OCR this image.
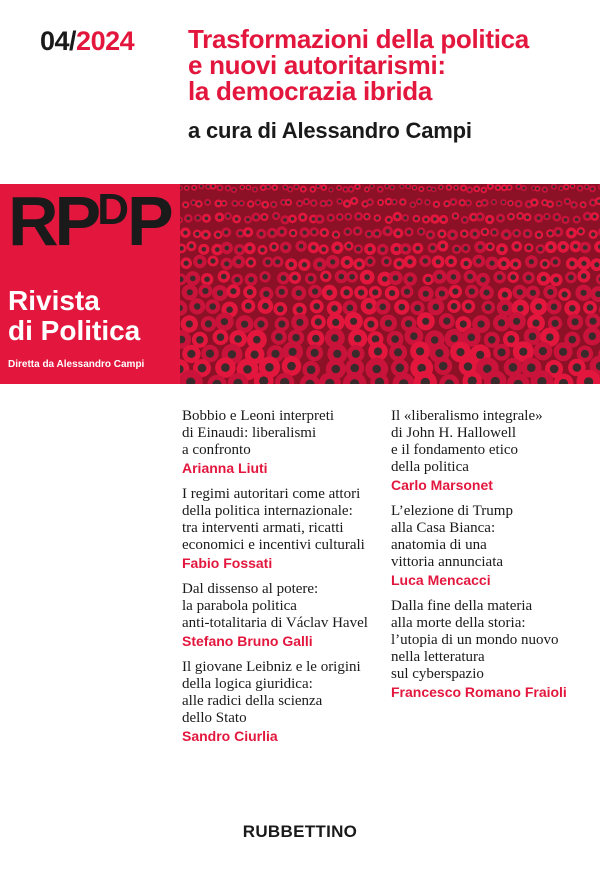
04/2024 Trasformazioni della politica
e nuovi autoritarismi:
la democrazia ibrida
a cura di Alessandro Campi
RPDP
Rivista
di Politica
Diretta da Alessandro Campi
Bobbio e Leoni interpreti
di Einaudi: liberalismi
a confronto
Arianna Liuti
I regimi autoritari come attori
della politica internazionale:
tra interventi armati, ricatti
economici e incentivi culturali
Fabio Fossati
Dal dissenso al potere:
la parabola politica
anti-totalitaria di Václav Havel
Stefano Bruno Galli
Il giovane Leibniz e le origini
della logica giuridica:
alle radici della scienza
dello Stato
Sandro Ciurlia
Il «liberalismo integrale»
di John H. Hallowell
e il fondamento etico
della politica
Carlo Marsonet
L’elezione di Trump
alla Casa Bianca:
anatomia di una
vittoria annunciata
Luca Mencacci
Dalla fine della materia
alla morte della storia:
l’utopia di un mondo nuovo
nella letteratura
sul cyberspazio
Francesco Romano Fraioli
RUBBETTINO
